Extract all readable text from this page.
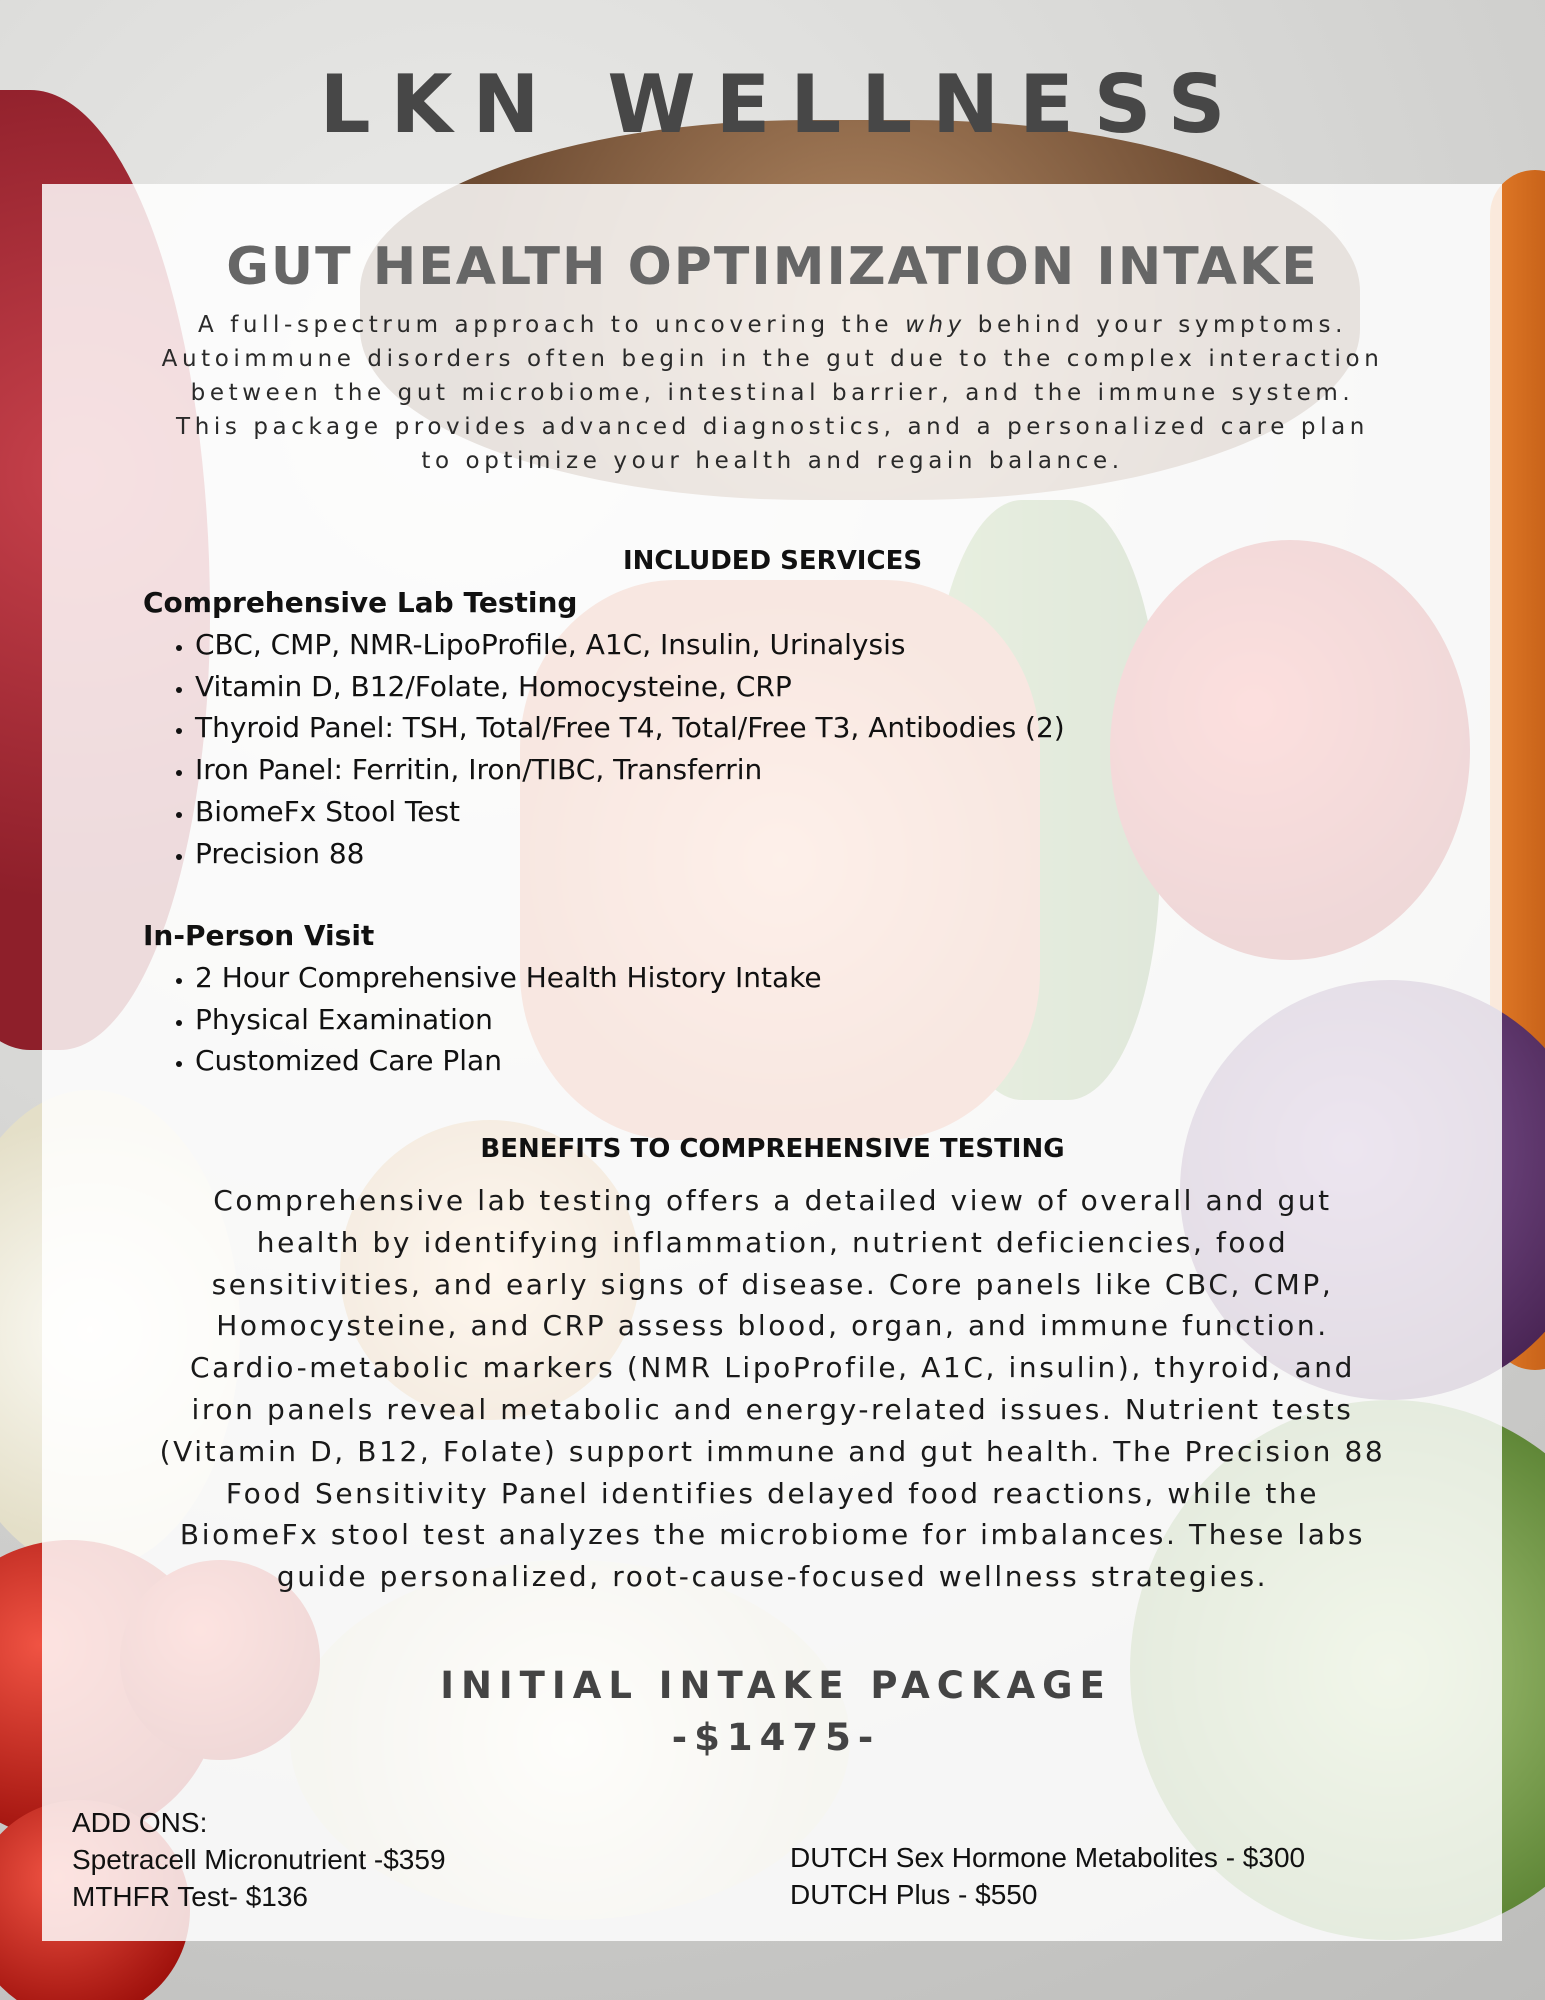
LKN WELLNESS
GUT HEALTH OPTIMIZATION INTAKE
A full-spectrum approach to uncovering the why behind your symptoms.
Autoimmune disorders often begin in the gut due to the complex interaction
between the gut microbiome, intestinal barrier, and the immune system.
This package provides advanced diagnostics, and a personalized care plan
to optimize your health and regain balance.
INCLUDED SERVICES
Comprehensive Lab Testing
• CBC, CMP, NMR-LipoProfile, A1C, Insulin, Urinalysis
• Vitamin D, B12/Folate, Homocysteine, CRP
• Thyroid Panel: TSH, Total/Free T4, Total/Free T3, Antibodies (2)
• Iron Panel: Ferritin, Iron/TIBC, Transferrin
• BiomeFx Stool Test
• Precision 88
In-Person Visit
• 2 Hour Comprehensive Health History Intake
• Physical Examination
• Customized Care Plan
BENEFITS TO COMPREHENSIVE TESTING
Comprehensive lab testing offers a detailed view of overall and gut
health by identifying inflammation, nutrient deficiencies, food
sensitivities, and early signs of disease. Core panels like CBC, CMP,
Homocysteine, and CRP assess blood, organ, and immune function.
Cardio-metabolic markers (NMR LipoProfile, A1C, insulin), thyroid, and
iron panels reveal metabolic and energy-related issues. Nutrient tests
(Vitamin D, B12, Folate) support immune and gut health. The Precision 88
Food Sensitivity Panel identifies delayed food reactions, while the
BiomeFx stool test analyzes the microbiome for imbalances. These labs
guide personalized, root-cause-focused wellness strategies.
INITIAL INTAKE PACKAGE
-$1475-
ADD ONS:
Spetracell Micronutrient -$359
MTHFR Test- $136
DUTCH Sex Hormone Metabolites - $300
DUTCH Plus - $550
